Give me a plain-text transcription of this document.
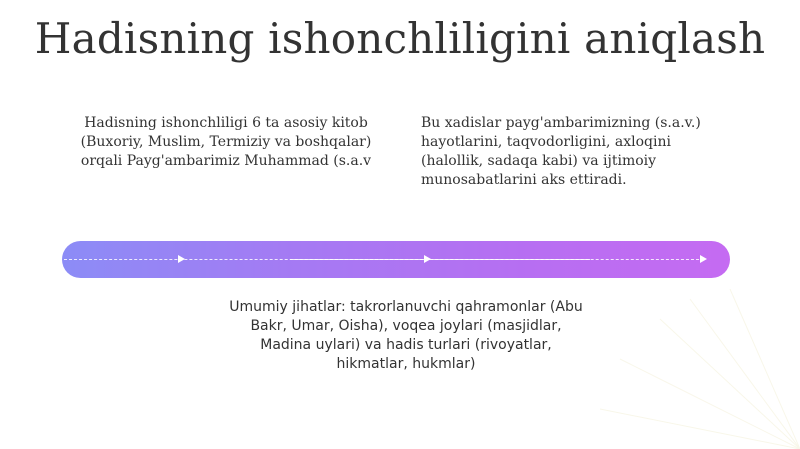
Hadisning ishonchliligini aniqlash
Hadisning ishonchliligi 6 ta asosiy kitob (Buxoriy, Muslim, Termiziy va boshqalar) orqali Payg'ambarimiz Muhammad (s.a.v
Bu xadislar payg'ambarimizning (s.a.v.)
hayotlarini, taqvodorligini, axloqini
(halollik, sadaqa kabi) va ijtimoiy
munosabatlarini aks ettiradi.
Umumiy jihatlar: takrorlanuvchi qahramonlar (Abu Bakr, Umar, Oisha), voqea joylari (masjidlar, Madina uylari) va hadis turlari (rivoyatlar, hikmatlar, hukmlar)
